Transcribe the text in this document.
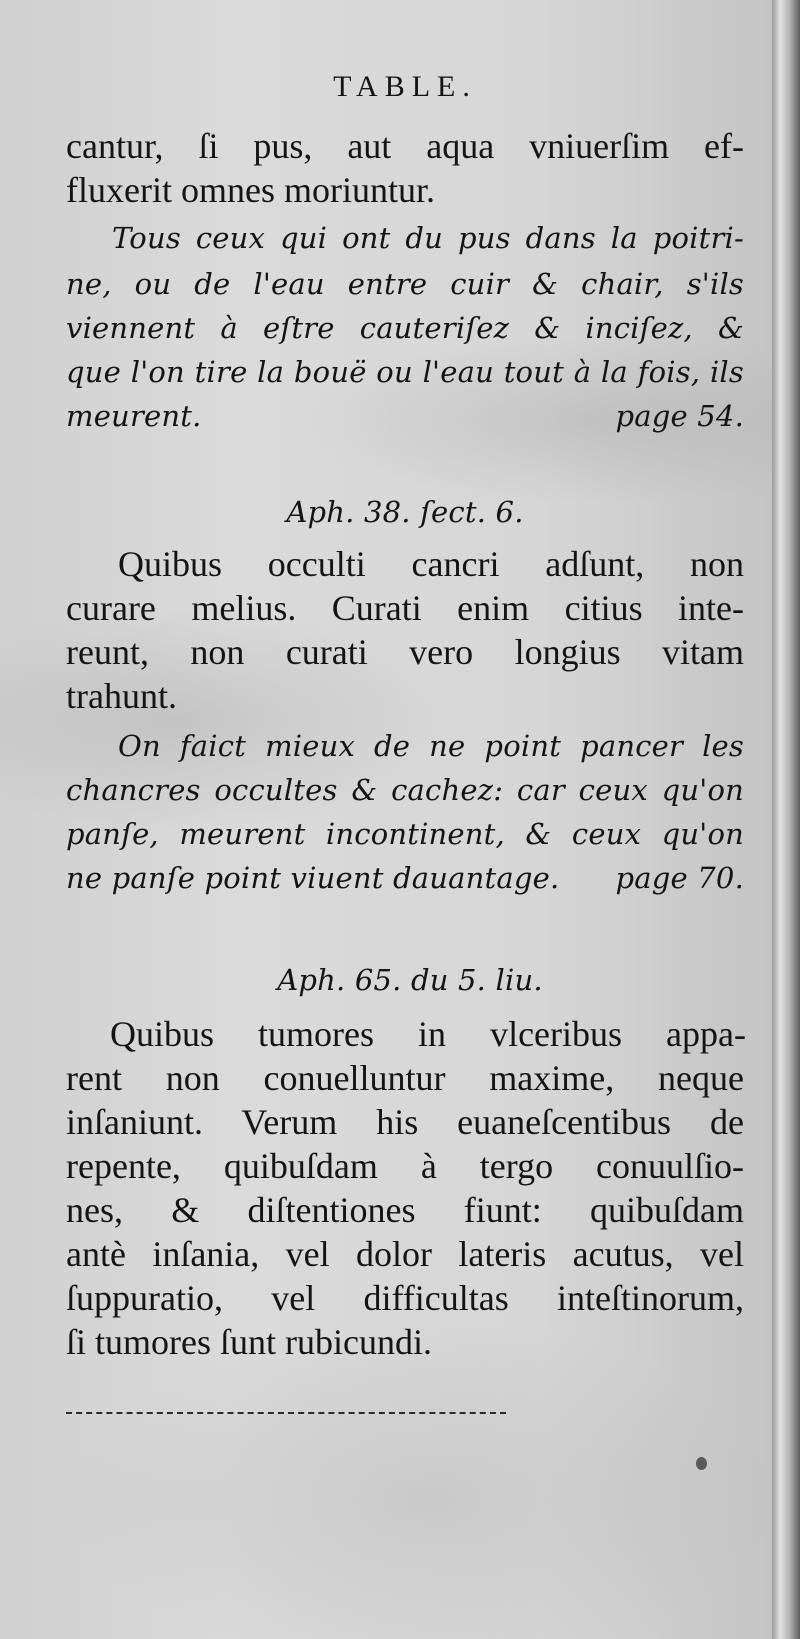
TABLE.
cantur, ſi pus, aut aqua vniuerſim ef-
fluxerit omnes moriuntur.
Tous ceux qui ont du pus dans la poitri-
ne, ou de l'eau entre cuir & chair, s'ils
viennent à eſtre cauteriſez & inciſez, &
que l'on tire la bouë ou l'eau tout à la fois, ils
meurent.	page 54.
Aph. 38. ſect. 6.
Quibus occulti cancri adſunt, non
curare melius. Curati enim citius inte-
reunt, non curati vero longius vitam
trahunt.
On faict mieux de ne point pancer les
chancres occultes & cachez: car ceux qu'on
panſe, meurent incontinent, & ceux qu'on
ne panſe point viuent dauantage. page 70.
Aph. 65. du 5. liu.
Quibus tumores in vlceribus appa-
rent non conuelluntur maxime, neque
inſaniunt. Verum his euaneſcentibus de
repente, quibuſdam à tergo conuulſio-
nes, & diſtentiones fiunt: quibuſdam
antè inſania, vel dolor lateris acutus, vel
ſuppuratio, vel difficultas inteſtinorum,
ſi tumores ſunt rubicundi.
